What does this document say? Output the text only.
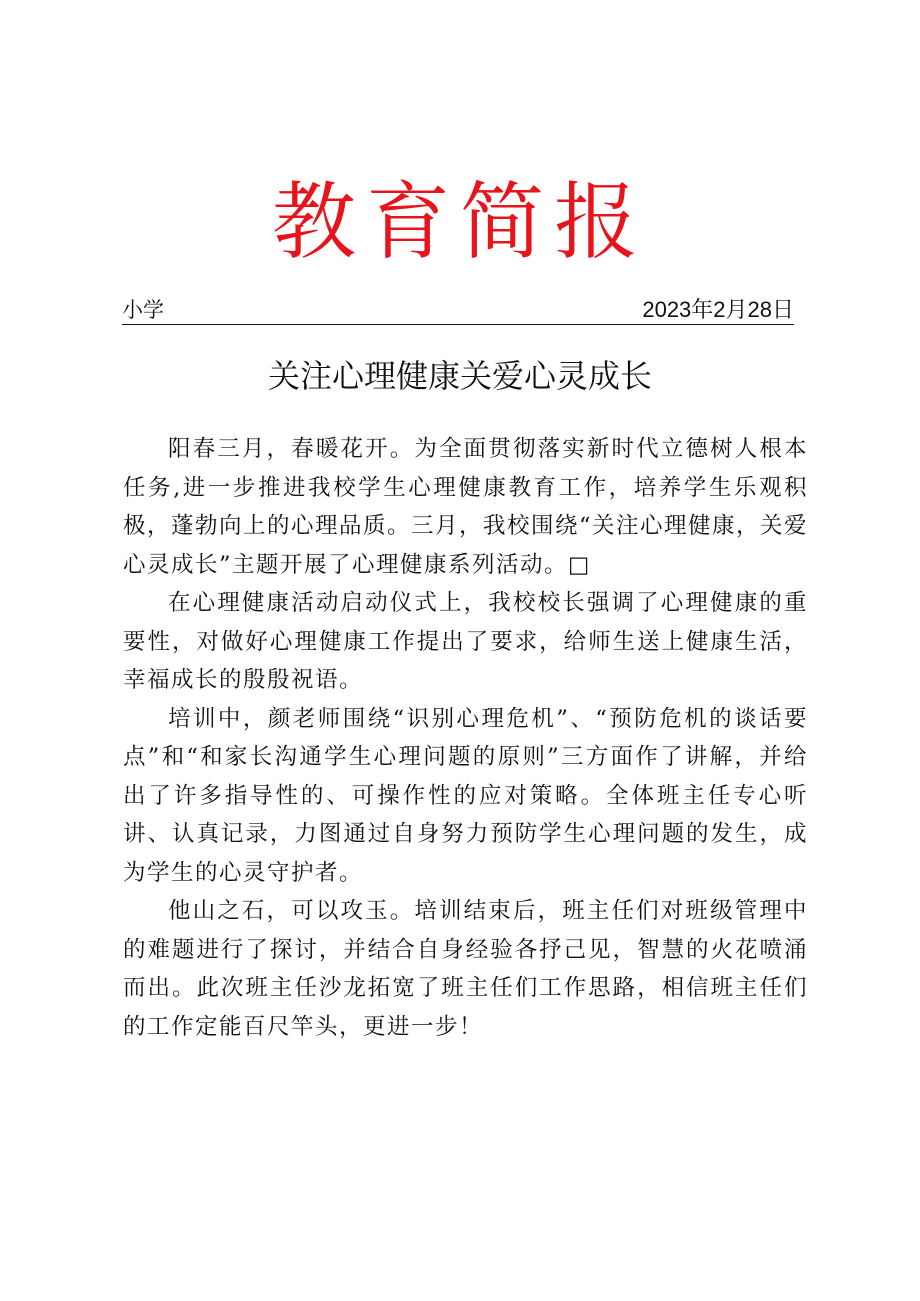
教育简报
小学	2023年2月28日
关注心理健康关爱心灵成长

阳春三月，春暖花开。为全面贯彻落实新时代立德树人根本任务,进一步推进我校学生心理健康教育工作，培养学生乐观积极，蓬勃向上的心理品质。三月，我校围绕“关注心理健康，关爱心灵成长”主题开展了心理健康系列活动。□

在心理健康活动启动仪式上，我校校长强调了心理健康的重要性，对做好心理健康工作提出了要求，给师生送上健康生活，幸福成长的殷殷祝语。

培训中，颜老师围绕“识别心理危机”、“预防危机的谈话要点”和“和家长沟通学生心理问题的原则”三方面作了讲解，并给出了许多指导性的、可操作性的应对策略。全体班主任专心听讲、认真记录，力图通过自身努力预防学生心理问题的发生，成为学生的心灵守护者。

他山之石，可以攻玉。培训结束后，班主任们对班级管理中的难题进行了探讨，并结合自身经验各抒己见，智慧的火花喷涌而出。此次班主任沙龙拓宽了班主任们工作思路，相信班主任们的工作定能百尺竿头，更进一步！
